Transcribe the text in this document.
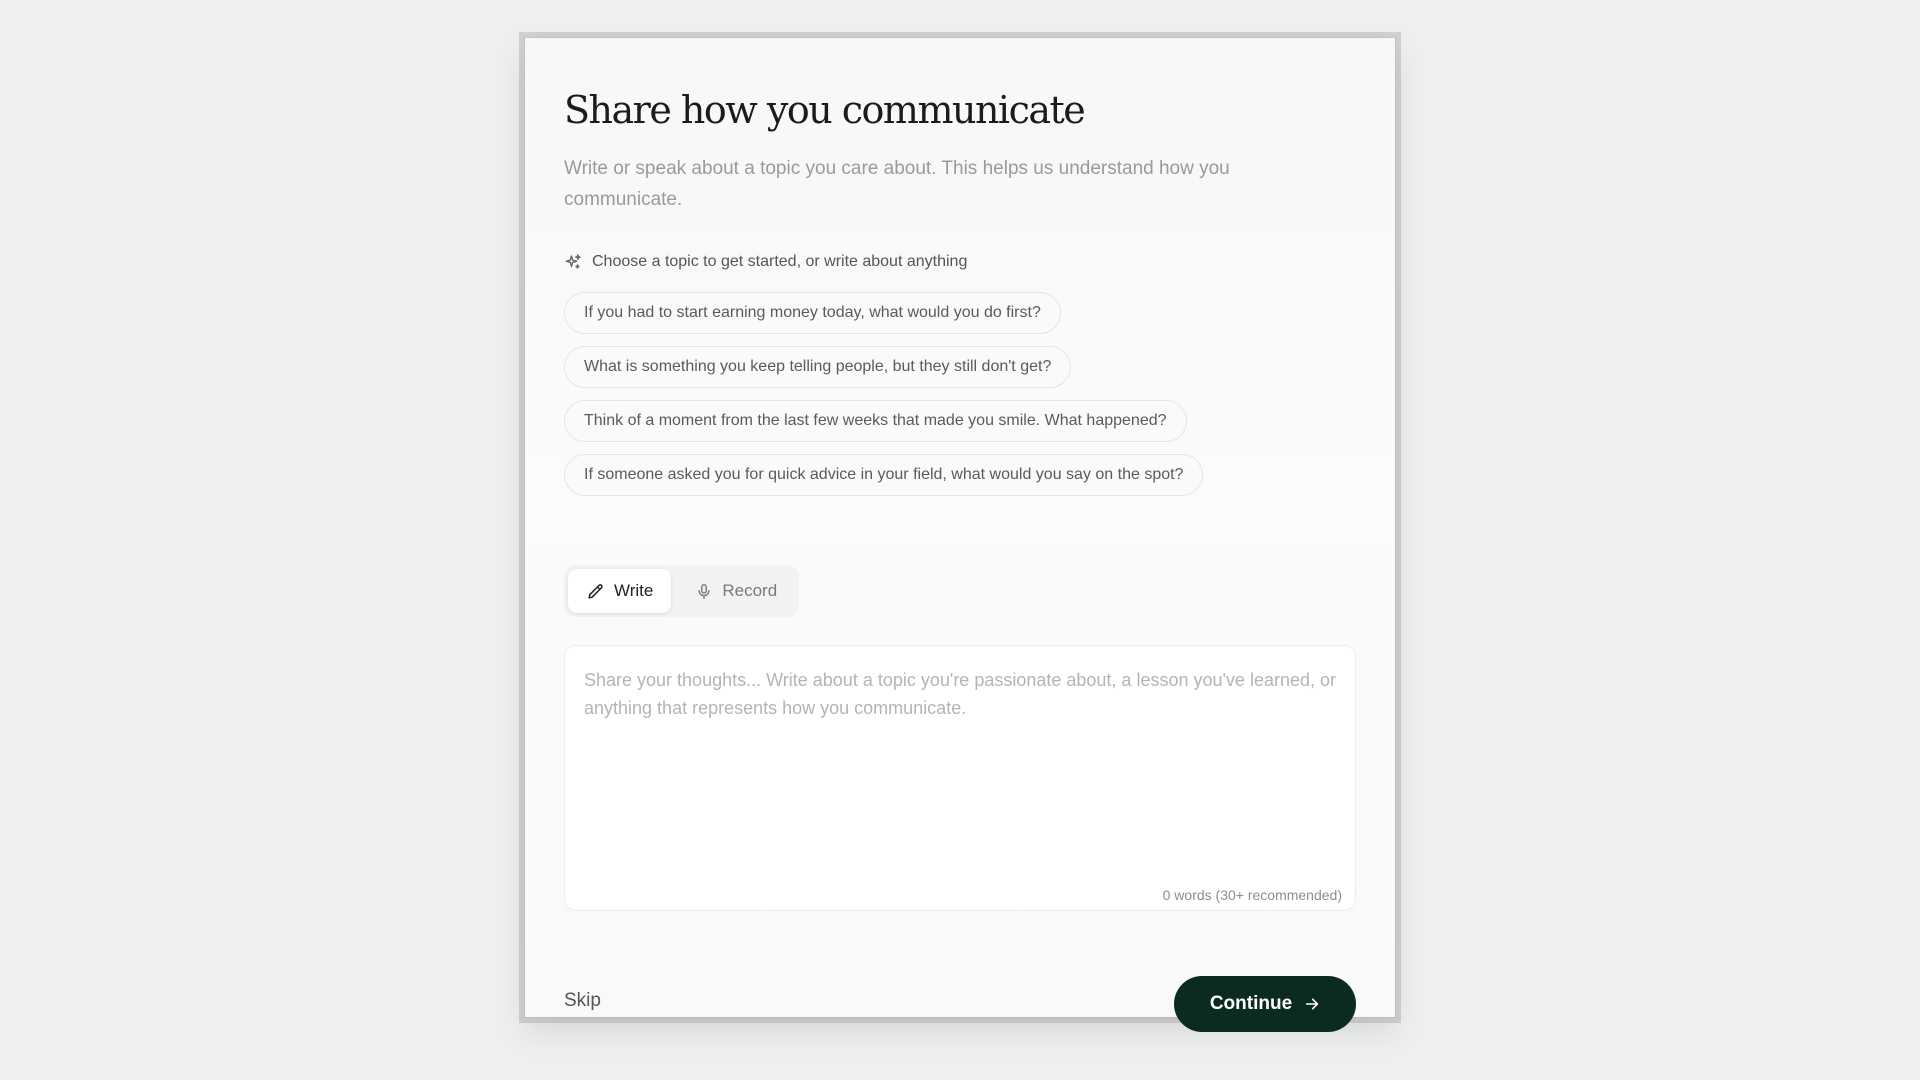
Share how you communicate

Write or speak about a topic you care about. This helps us understand how you communicate.

Choose a topic to get started, or write about anything
If you had to start earning money today, what would you do first?
What is something you keep telling people, but they still don't get?
Think of a moment from the last few weeks that made you smile. What happened?
If someone asked you for quick advice in your field, what would you say on the spot?
Write	Record
Share your thoughts... Write about a topic you're passionate about, a lesson you've learned, or anything that represents how you communicate.
0 words (30+ recommended)
Skip	Continue
